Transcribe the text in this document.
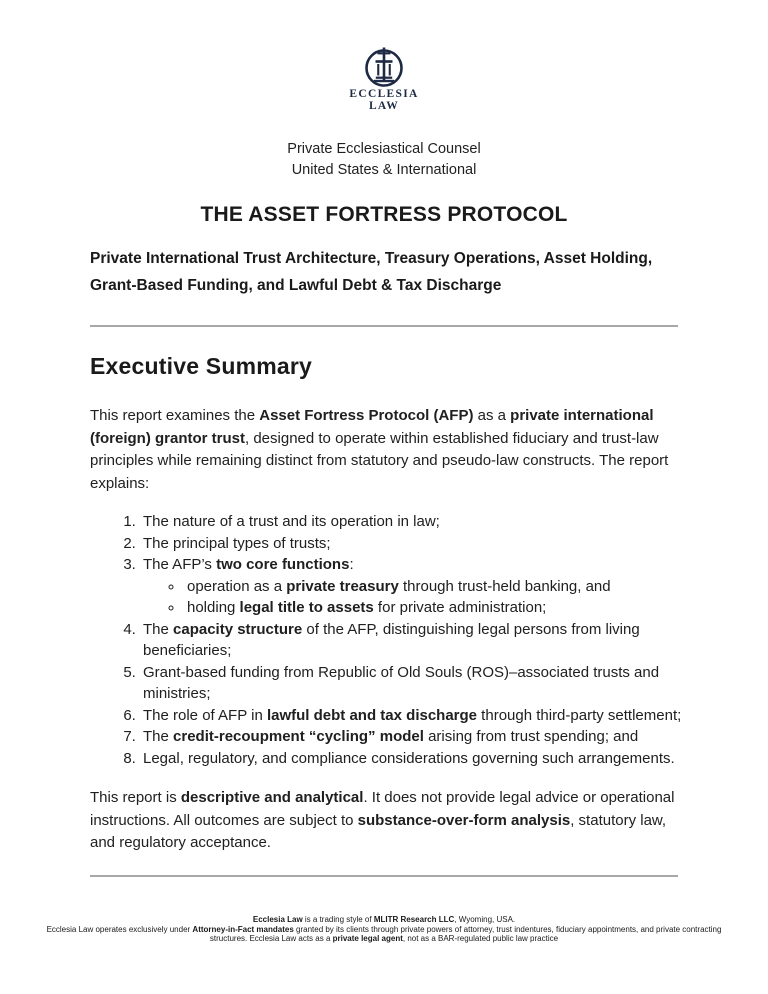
ECCLESIA
LAW

Private Ecclesiastical Counsel

United States & International

THE ASSET FORTRESS PROTOCOL
Private International Trust Architecture, Treasury Operations, Asset Holding, Grant-Based Funding, and Lawful Debt & Tax Discharge
Executive Summary

This report examines the Asset Fortress Protocol (AFP) as a private international (foreign) grantor trust, designed to operate within established fiduciary and trust-law principles while remaining distinct from statutory and pseudo-law constructs. The report explains:

1. The nature of a trust and its operation in law;
2. The principal types of trusts;
3. The AFP’s two core functions:
◦ operation as a private treasury through trust-held banking, and
◦ holding legal title to assets for private administration;
4. The capacity structure of the AFP, distinguishing legal persons from living beneficiaries;
5. Grant-based funding from Republic of Old Souls (ROS)–associated trusts and ministries;
6. The role of AFP in lawful debt and tax discharge through third-party settlement;
7. The credit-recoupment “cycling” model arising from trust spending; and
8. Legal, regulatory, and compliance considerations governing such arrangements.

This report is descriptive and analytical. It does not provide legal advice or operational instructions. All outcomes are subject to substance-over-form analysis, statutory law, and regulatory acceptance.

Ecclesia Law is a trading style of MLITR Research LLC, Wyoming, USA.

Ecclesia Law operates exclusively under Attorney-in-Fact mandates granted by its clients through private powers of attorney, trust indentures, fiduciary appointments, and private contracting structures. Ecclesia Law acts as a private legal agent, not as a BAR-regulated public law practice
